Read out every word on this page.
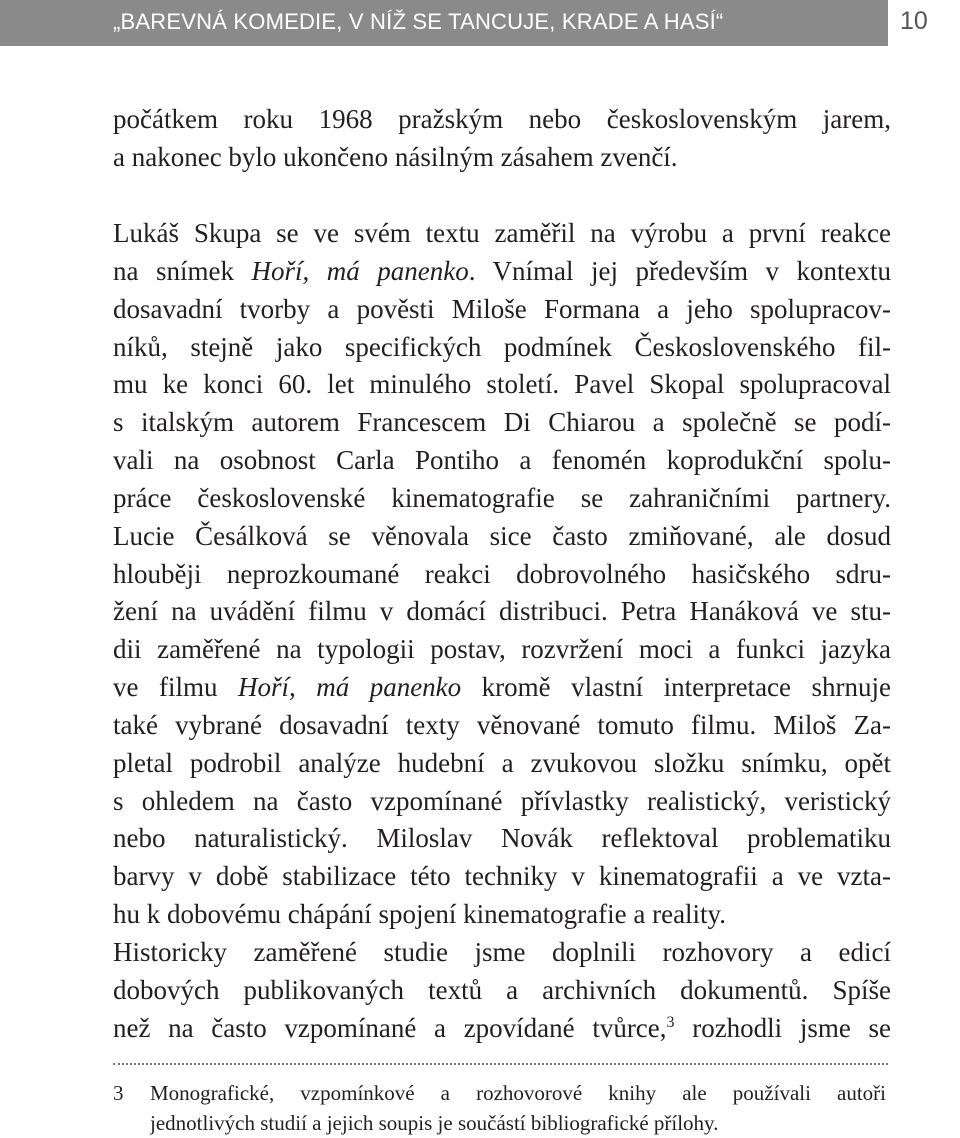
„BAREVNÁ KOMEDIE, V NÍŽ SE TANCUJE, KRADE A HASÍ“	10
počátkem roku 1968 pražským nebo československým jarem,
a nakonec bylo ukončeno násilným zásahem zvenčí.
Lukáš Skupa se ve svém textu zaměřil na výrobu a první reakce
na snímek Hoří, má panenko. Vnímal jej především v kontextu
dosavadní tvorby a pověsti Miloše Formana a jeho spolupracov-
níků, stejně jako specifických podmínek Československého fil-
mu ke konci 60. let minulého století. Pavel Skopal spolupracoval
s italským autorem Francescem Di Chiarou a společně se podí-
vali na osobnost Carla Pontiho a fenomén koprodukční spolu-
práce československé kinematografie se zahraničními partnery.
Lucie Česálková se věnovala sice často zmiňované, ale dosud
hlouběji neprozkoumané reakci dobrovolného hasičského sdru-
žení na uvádění filmu v domácí distribuci. Petra Hanáková ve stu-
dii zaměřené na typologii postav, rozvržení moci a funkci jazyka
ve filmu Hoří, má panenko kromě vlastní interpretace shrnuje
také vybrané dosavadní texty věnované tomuto filmu. Miloš Za-
pletal podrobil analýze hudební a zvukovou složku snímku, opět
s ohledem na často vzpomínané přívlastky realistický, veristický
nebo naturalistický. Miloslav Novák reflektoval problematiku
barvy v době stabilizace této techniky v kinematografii a ve vzta-
hu k dobovému chápání spojení kinematografie a reality.
Historicky zaměřené studie jsme doplnili rozhovory a edicí
dobových publikovaných textů a archivních dokumentů. Spíše
než na často vzpomínané a zpovídané tvůrce,$^3$ rozhodli jsme se
3 Monografické, vzpomínkové a rozhovorové knihy ale používali autoři
jednotlivých studií a jejich soupis je součástí bibliografické přílohy.
